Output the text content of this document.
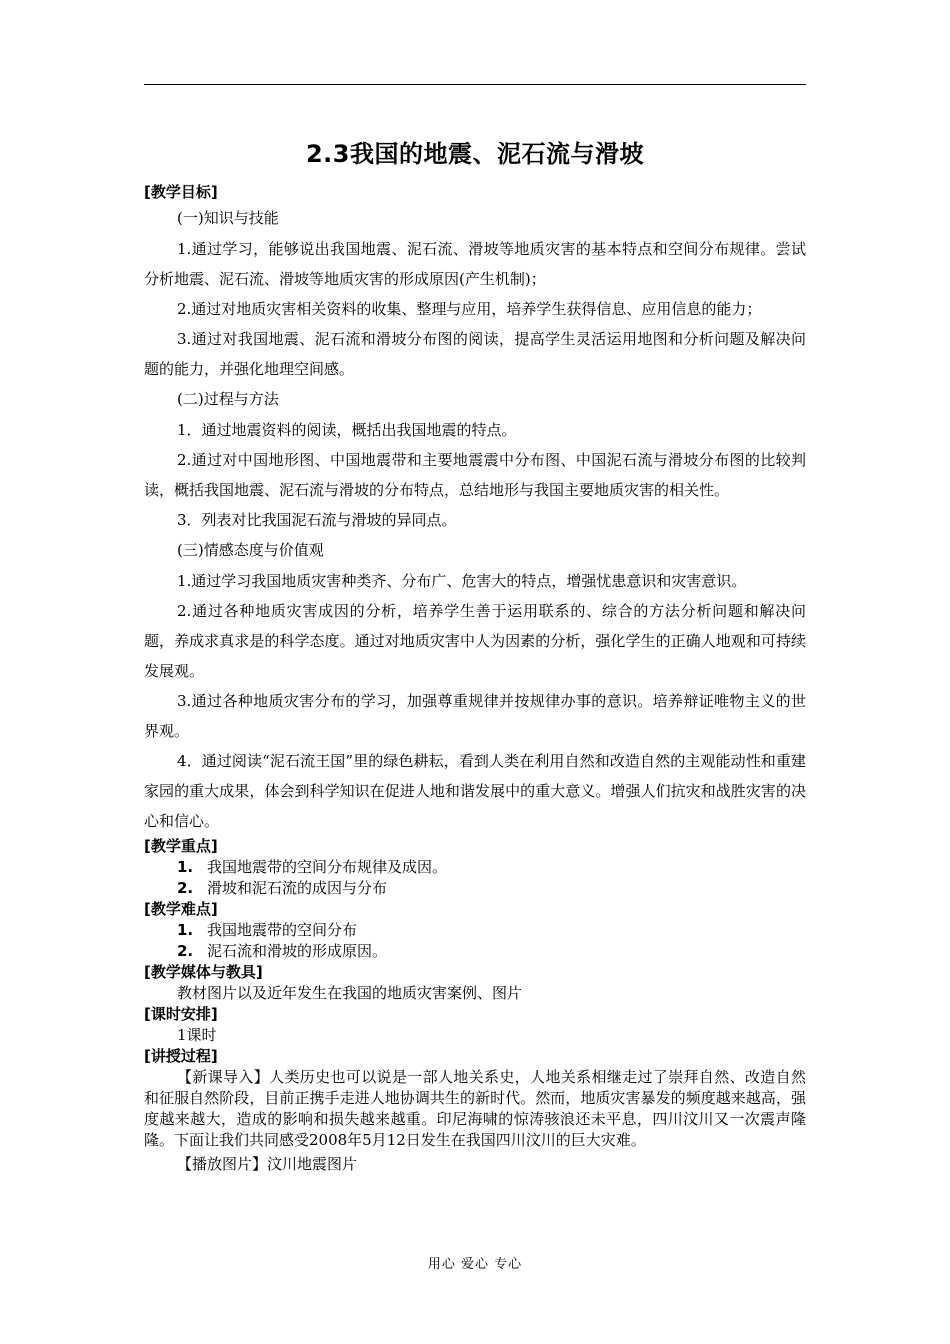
2.3我国的地震、泥石流与滑坡
[教学目标]
(一)知识与技能
1.通过学习，能够说出我国地震、泥石流、滑坡等地质灾害的基本特点和空间分布规律。尝试分析地震、泥石流、滑坡等地质灾害的形成原因(产生机制)；
2.通过对地质灾害相关资料的收集、整理与应用，培养学生获得信息、应用信息的能力；
3.通过对我国地震、泥石流和滑坡分布图的阅读，提高学生灵活运用地图和分析问题及解决问题的能力，并强化地理空间感。
(二)过程与方法
1．通过地震资料的阅读，概括出我国地震的特点。
2.通过对中国地形图、中国地震带和主要地震震中分布图、中国泥石流与滑坡分布图的比较判读，概括我国地震、泥石流与滑坡的分布特点，总结地形与我国主要地质灾害的相关性。
3．列表对比我国泥石流与滑坡的异同点。
(三)情感态度与价值观
1.通过学习我国地质灾害种类齐、分布广、危害大的特点，增强忧患意识和灾害意识。
2.通过各种地质灾害成因的分析，培养学生善于运用联系的、综合的方法分析问题和解决问题，养成求真求是的科学态度。通过对地质灾害中人为因素的分析，强化学生的正确人地观和可持续发展观。
3.通过各种地质灾害分布的学习，加强尊重规律并按规律办事的意识。培养辩证唯物主义的世界观。
4．通过阅读“泥石流王国”里的绿色耕耘，看到人类在利用自然和改造自然的主观能动性和重建家园的重大成果，体会到科学知识在促进人地和谐发展中的重大意义。增强人们抗灾和战胜灾害的决心和信心。
[教学重点]
1. 我国地震带的空间分布规律及成因。
2. 滑坡和泥石流的成因与分布
[教学难点]
1. 我国地震带的空间分布
2. 泥石流和滑坡的形成原因。
[教学媒体与教具]
教材图片以及近年发生在我国的地质灾害案例、图片
[课时安排]
1课时
[讲授过程]
【新课导入】人类历史也可以说是一部人地关系史，人地关系相继走过了崇拜自然、改造自然和征服自然阶段，目前正携手走进人地协调共生的新时代。然而，地质灾害暴发的频度越来越高，强度越来越大，造成的影响和损失越来越重。印尼海啸的惊涛骇浪还未平息，四川汶川又一次震声隆隆。下面让我们共同感受2008年5月12日发生在我国四川汶川的巨大灾难。
【播放图片】汶川地震图片
用心 爱心 专心
